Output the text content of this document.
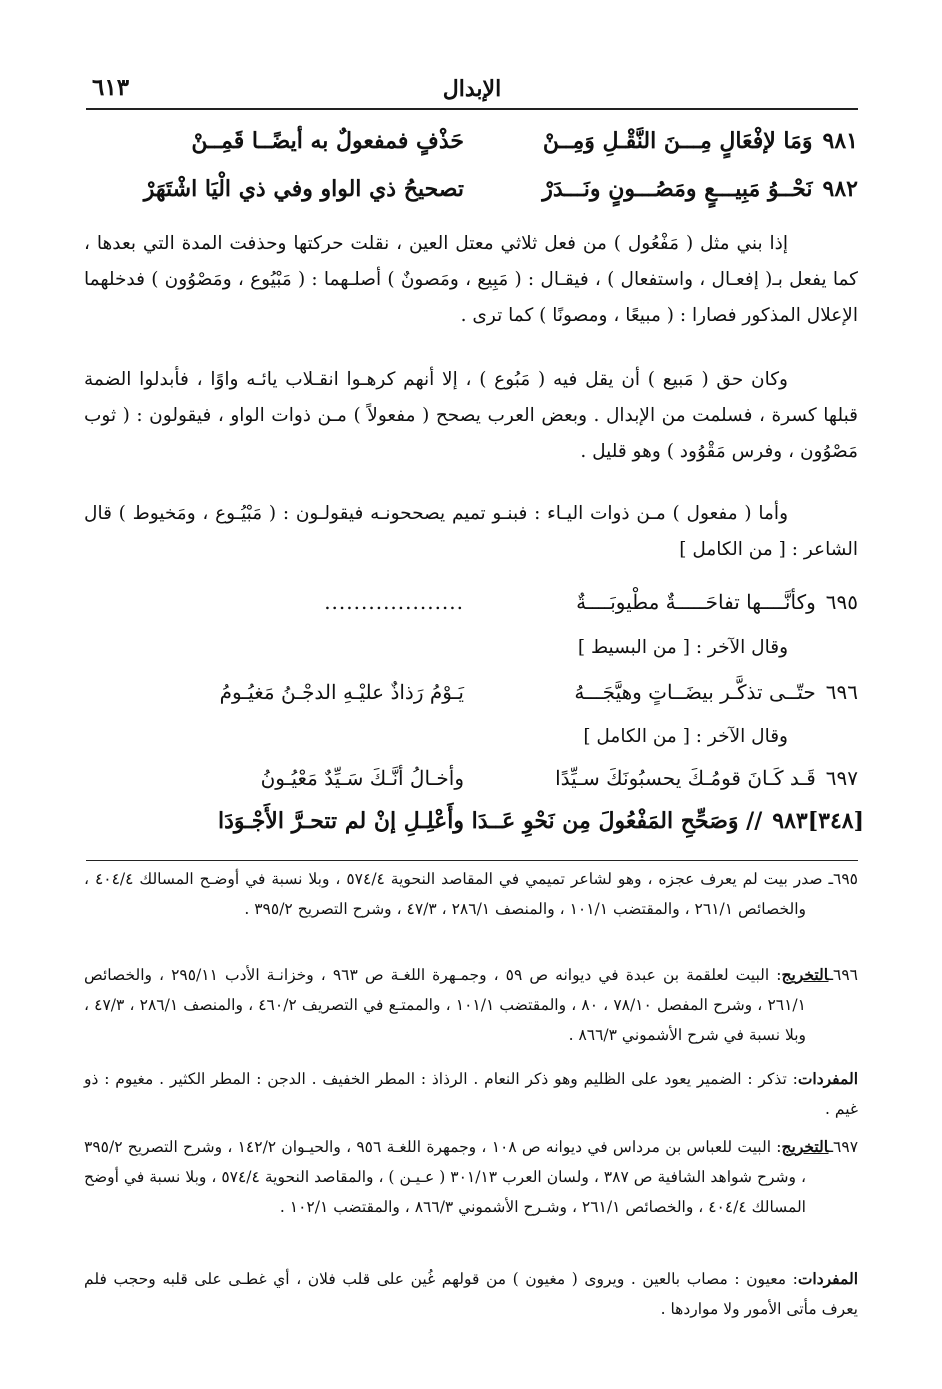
الإبدال
٦١٣
٩٨١وَمَا لإفْعَالٍ مِـــنَ النَّقْـلِ وَمِــنْ
حَذْفٍ فمفعولٌ به أيضًــا قَمِــنْ
٩٨٢نَحْــوُ مَبِيـــعٍ ومَصُـــونٍ ونَـــدَرْ
تصحيحُ ذي الواو وفي ذي الْيَا اشْتَهَرْ
إذا بني مثل ( مَفْعُول ) من فعل ثلاثي معتل العين ، نقلت حركتها وحذفت المدة التي بعدها ، كما يفعل بـ( إفعـال ، واستفعال ) ، فيقـال : ( مَبِيع ، ومَصونٌ ) أصلـهما : ( مَبْيُوع ، ومَصْوُون ) فدخلهما الإعلال المذكور فصارا : ( مبيعًا ، ومصونًا ) كما ترى .
وكان حق ( مَبيع ) أن يقل فيه ( مَبُوع ) ، إلا أنهم كرهـوا انقـلاب يائـه واوًا ، فأبدلوا الضمة قبلها كسرة ، فسلمت من الإبدال . وبعض العرب يصحح ( مفعولاً ) مـن ذوات الواو ، فيقولون : ( ثوب مَصْوُون ، وفرس مَقْوُود ) وهو قليل .
وأما ( مفعول ) مـن ذوات اليـاء : فبنـو تميم يصححونـه فيقولـون : ( مَبْيُـوع ، ومَخيوط ) قال الشاعر : [ من الكامل ]
٦٩٥وكأنَّــــها تفاحَـــــةٌ مطْيوبَــــةٌ
...................
وقال الآخر : [ من البسيط ]
٦٩٦حتّــى تذكَّـر بيضَــاتٍ وهيَّجَـــهُ
يَـوْمُ رَذاذٌ عليْـهِ الدجْـنُ مَغيُـومُ
وقال الآخر : [ من الكامل ]
٦٩٧قَـد كَـانَ قومُـكَ يحسبُونَكَ سـيِّدًا
وأخـالُ أنَّـكَ سَـيِّدٌ مَعْيُـونُ
[٣٤٨]٩٨٣// وَصَحِّحِ المَفْعُولَ مِن نَحْوِ عَــدَا
وأَعْلِـلِ إنْ لم تتحـرَّ الأَجْـوَدَا
٦٩٥ـ صدر بيت لم يعرف عجزه ، وهو لشاعر تميمي في المقاصد النحوية ٥٧٤/٤ ، وبلا نسبة في أوضـح المسالك ٤٠٤/٤ ، والخصائص ٢٦١/١ ، والمقتضب ١٠١/١ ، والمنصف ٢٨٦/١ ، ٤٧/٣ ، وشرح التصريح ٣٩٥/٢ .
٦٩٦ـالتخريج: البيت لعلقمة بن عبدة في ديوانه ص ٥٩ ، وجمـهرة اللغـة ص ٩٦٣ ، وخزانـة الأدب ٢٩٥/١١ ، والخصائص ٢٦١/١ ، وشرح المفصل ٧٨/١٠ ، ٨٠ ، والمقتضب ١٠١/١ ، والممتـع في التصريف ٤٦٠/٢ ، والمنصف ٢٨٦/١ ، ٤٧/٣ ، وبلا نسبة في شرح الأشموني ٨٦٦/٣ .
المفردات: تذكر : الضمير يعود على الظليم وهو ذكر النعام . الرذاذ : المطر الخفيف . الدجن : المطر الكثير . مغيوم : ذو غيم .
٦٩٧ـالتخريج: البيت للعباس بن مرداس في ديوانه ص ١٠٨ ، وجمهرة اللغـة ٩٥٦ ، والحيـوان ١٤٢/٢ ، وشرح التصريح ٣٩٥/٢ ، وشرح شواهد الشافية ص ٣٨٧ ، ولسان العرب ٣٠١/١٣ ( عـيـن ) ، والمقاصد النحوية ٥٧٤/٤ ، وبلا نسبة في أوضح المسالك ٤٠٤/٤ ، والخصائص ٢٦١/١ ، وشـرح الأشموني ٨٦٦/٣ ، والمقتضب ١٠٢/١ .
المفردات: معيون : مصاب بالعين . ويروى ( مغيون ) من قولهم غُين على قلب فلان ، أي غطـى على قلبه وحجب فلم يعرف مأتى الأمور ولا مواردها .
